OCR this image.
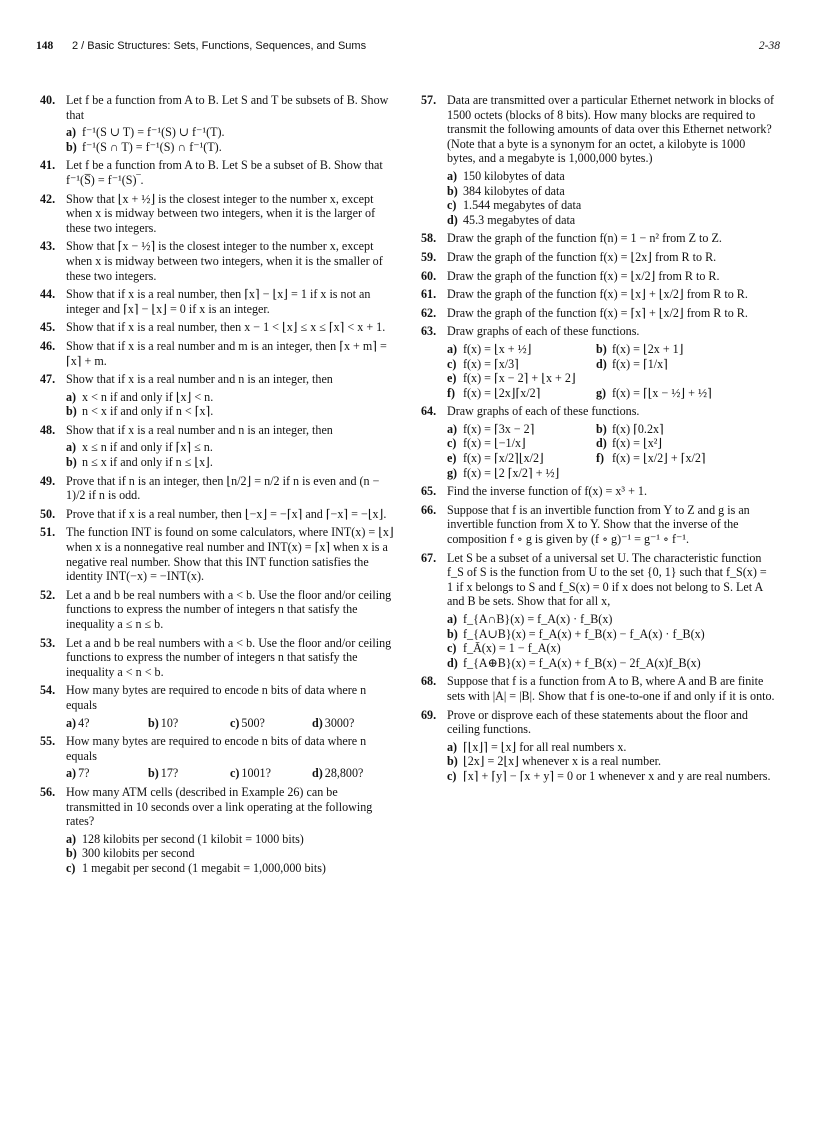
148 2 / Basic Structures: Sets, Functions, Sequences, and Sums	2-38
40. Let f be a function from A to B. Let S and T be subsets of B. Show that

a) f⁻¹(S ∪ T) = f⁻¹(S) ∪ f⁻¹(T).
b) f⁻¹(S ∩ T) = f⁻¹(S) ∩ f⁻¹(T).
41. Let f be a function from A to B. Let S be a subset of B. Show that f⁻¹(S̅) = f⁻¹(S)‾.

42. Show that ⌊x + ½⌋ is the closest integer to the number x, except when x is midway between two integers, when it is the larger of these two integers.

43. Show that ⌈x − ½⌉ is the closest integer to the number x, except when x is midway between two integers, when it is the smaller of these two integers.

44. Show that if x is a real number, then ⌈x⌉ − ⌊x⌋ = 1 if x is not an integer and ⌈x⌉ − ⌊x⌋ = 0 if x is an integer.

45. Show that if x is a real number, then x − 1 < ⌊x⌋ ≤ x ≤ ⌈x⌉ < x + 1.

46. Show that if x is a real number and m is an integer, then ⌈x + m⌉ = ⌈x⌉ + m.

47. Show that if x is a real number and n is an integer, then

a) x < n if and only if ⌊x⌋ < n.
b) n < x if and only if n < ⌈x⌉.
48. Show that if x is a real number and n is an integer, then

a) x ≤ n if and only if ⌈x⌉ ≤ n.
b) n ≤ x if and only if n ≤ ⌊x⌋.
49. Prove that if n is an integer, then ⌊n/2⌋ = n/2 if n is even and (n − 1)/2 if n is odd.

50. Prove that if x is a real number, then ⌊−x⌋ = −⌈x⌉ and ⌈−x⌉ = −⌊x⌋.

51. The function INT is found on some calculators, where INT(x) = ⌊x⌋ when x is a nonnegative real number and INT(x) = ⌈x⌉ when x is a negative real number. Show that this INT function satisfies the identity INT(−x) = −INT(x).

52. Let a and b be real numbers with a < b. Use the floor and/or ceiling functions to express the number of integers n that satisfy the inequality a ≤ n ≤ b.

53. Let a and b be real numbers with a < b. Use the floor and/or ceiling functions to express the number of integers n that satisfy the inequality a < n < b.

54. How many bytes are required to encode n bits of data where n equals

a) 4?	b) 10?	c) 500?	d) 3000?
55. How many bytes are required to encode n bits of data where n equals

a) 7?	b) 17?	c) 1001?	d) 28,800?
56. How many ATM cells (described in Example 26) can be transmitted in 10 seconds over a link operating at the following rates?

a) 128 kilobits per second (1 kilobit = 1000 bits)
b) 300 kilobits per second
c) 1 megabit per second (1 megabit = 1,000,000 bits)
57. Data are transmitted over a particular Ethernet network in blocks of 1500 octets (blocks of 8 bits). How many blocks are required to transmit the following amounts of data over this Ethernet network? (Note that a byte is a synonym for an octet, a kilobyte is 1000 bytes, and a megabyte is 1,000,000 bytes.)

a) 150 kilobytes of data
b) 384 kilobytes of data
c) 1.544 megabytes of data
d) 45.3 megabytes of data
58. Draw the graph of the function f(n) = 1 − n² from Z to Z.

59. Draw the graph of the function f(x) = ⌊2x⌋ from R to R.

60. Draw the graph of the function f(x) = ⌊x/2⌋ from R to R.

61. Draw the graph of the function f(x) = ⌊x⌋ + ⌊x/2⌋ from R to R.

62. Draw the graph of the function f(x) = ⌈x⌉ + ⌊x/2⌋ from R to R.

63. Draw graphs of each of these functions.

a) f(x) = ⌊x + ½⌋	b) f(x) = ⌊2x + 1⌋
c) f(x) = ⌈x/3⌉	d) f(x) = ⌈1/x⌉
e) f(x) = ⌈x − 2⌉ + ⌊x + 2⌋
f) f(x) = ⌊2x⌋⌈x/2⌉	g) f(x) = ⌈⌊x − ½⌋ + ½⌉
64. Draw graphs of each of these functions.

a) f(x) = ⌈3x − 2⌉	b) f(x) ⌈0.2x⌉
c) f(x) = ⌊−1/x⌋	d) f(x) = ⌊x²⌋
e) f(x) = ⌈x/2⌉⌊x/2⌋	f) f(x) = ⌊x/2⌋ + ⌈x/2⌉
g) f(x) = ⌊2 ⌈x/2⌉ + ½⌋
65. Find the inverse function of f(x) = x³ + 1.

66. Suppose that f is an invertible function from Y to Z and g is an invertible function from X to Y. Show that the inverse of the composition f ∘ g is given by (f ∘ g)⁻¹ = g⁻¹ ∘ f⁻¹.

67. Let S be a subset of a universal set U. The characteristic function f_S of S is the function from U to the set {0, 1} such that f_S(x) = 1 if x belongs to S and f_S(x) = 0 if x does not belong to S. Let A and B be sets. Show that for all x,

a) f_{A∩B}(x) = f_A(x) · f_B(x)
b) f_{A∪B}(x) = f_A(x) + f_B(x) − f_A(x) · f_B(x)
c) f_Ā(x) = 1 − f_A(x)
d) f_{A⊕B}(x) = f_A(x) + f_B(x) − 2f_A(x)f_B(x)
68. Suppose that f is a function from A to B, where A and B are finite sets with |A| = |B|. Show that f is one-to-one if and only if it is onto.

69. Prove or disprove each of these statements about the floor and ceiling functions.

a) ⌈⌊x⌋⌉ = ⌊x⌋ for all real numbers x.
b) ⌊2x⌋ = 2⌊x⌋ whenever x is a real number.
c) ⌈x⌉ + ⌈y⌉ − ⌈x + y⌉ = 0 or 1 whenever x and y are real numbers.
